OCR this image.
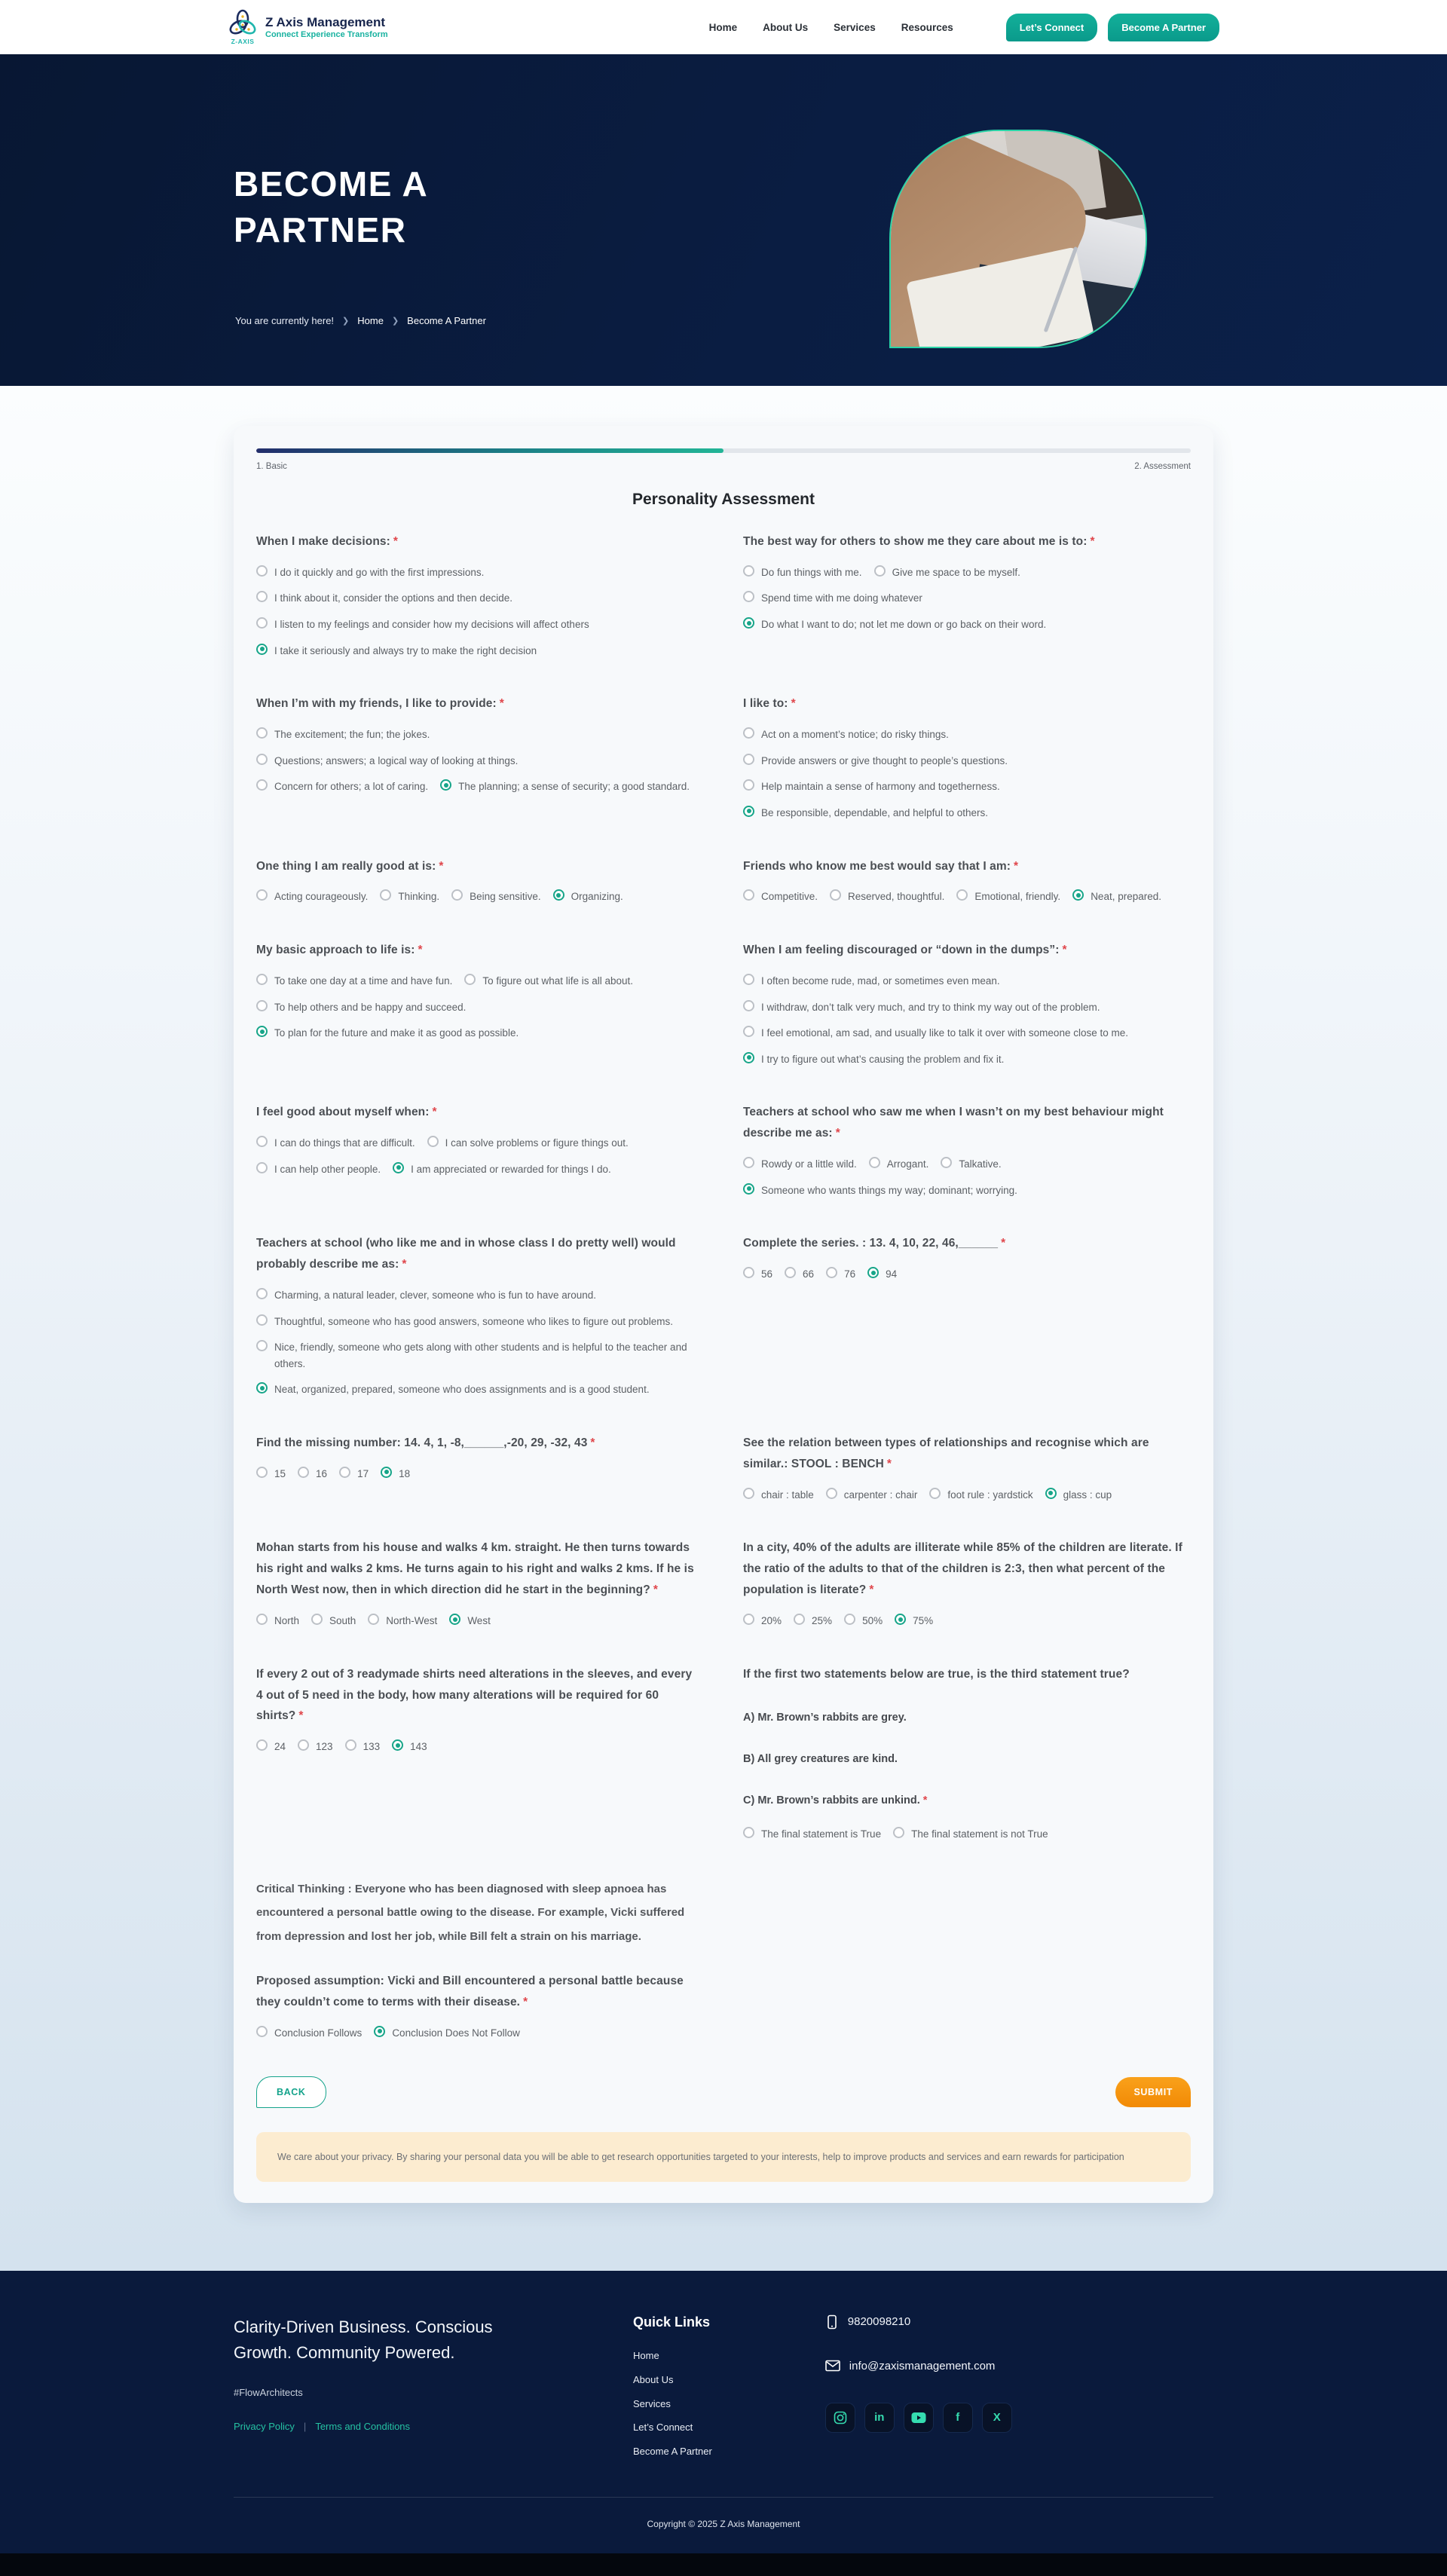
Z-AXIS
Z Axis Management
Connect Experience Transform
Home	About Us	Services	Resources	Let’s Connect	Become A Partner
BECOME A
PARTNER
You are currently here! ❯ Home ❯ Become A Partner
1. Basic	2. Assessment
Personality Assessment
When I make decisions: *
I do it quickly and go with the first impressions.
I think about it, consider the options and then decide.
I listen to my feelings and consider how my decisions will affect others
I take it seriously and always try to make the right decision
The best way for others to show me they care about me is to: *
Do fun things with me.	Give me space to be myself.
Spend time with me doing whatever
Do what I want to do; not let me down or go back on their word.
When I’m with my friends, I like to provide: *
The excitement; the fun; the jokes.
Questions; answers; a logical way of looking at things.
Concern for others; a lot of caring.	The planning; a sense of security; a good standard.
I like to: *
Act on a moment’s notice; do risky things.
Provide answers or give thought to people’s questions.
Help maintain a sense of harmony and togetherness.
Be responsible, dependable, and helpful to others.
One thing I am really good at is: *
Acting courageously.	Thinking.	Being sensitive.	Organizing.
Friends who know me best would say that I am: *
Competitive.	Reserved, thoughtful.	Emotional, friendly.	Neat, prepared.
My basic approach to life is: *
To take one day at a time and have fun.	To figure out what life is all about.
To help others and be happy and succeed.
To plan for the future and make it as good as possible.
When I am feeling discouraged or “down in the dumps”: *
I often become rude, mad, or sometimes even mean.
I withdraw, don’t talk very much, and try to think my way out of the problem.
I feel emotional, am sad, and usually like to talk it over with someone close to me.
I try to figure out what’s causing the problem and fix it.
I feel good about myself when: *
I can do things that are difficult.	I can solve problems or figure things out.
I can help other people.	I am appreciated or rewarded for things I do.
Teachers at school who saw me when I wasn’t on my best behaviour might describe me as: *
Rowdy or a little wild.	Arrogant.	Talkative.
Someone who wants things my way; dominant; worrying.
Teachers at school (who like me and in whose class I do pretty well) would probably describe me as: *
Charming, a natural leader, clever, someone who is fun to have around.
Thoughtful, someone who has good answers, someone who likes to figure out problems.
Nice, friendly, someone who gets along with other students and is helpful to the teacher and others.
Neat, organized, prepared, someone who does assignments and is a good student.
Complete the series. : 13. 4, 10, 22, 46,______ *
56	66	76	94
Find the missing number: 14. 4, 1, -8,______,-20, 29, -32, 43 *
15	16	17	18
See the relation between types of relationships and recognise which are similar.: STOOL : BENCH *
chair : table	carpenter : chair	foot rule : yardstick	glass : cup
Mohan starts from his house and walks 4 km. straight. He then turns towards his right and walks 2 kms. He turns again to his right and walks 2 kms. If he is North West now, then in which direction did he start in the beginning? *
North	South	North-West	West
In a city, 40% of the adults are illiterate while 85% of the children are literate. If the ratio of the adults to that of the children is 2:3, then what percent of the population is literate? *
20%	25%	50%	75%
If every 2 out of 3 readymade shirts need alterations in the sleeves, and every 4 out of 5 need in the body, how many alterations will be required for 60 shirts? *
24	123	133	143
If the first two statements below are true, is the third statement true?

A) Mr. Brown’s rabbits are grey.

B) All grey creatures are kind.

C) Mr. Brown’s rabbits are unkind. *

The final statement is True	The final statement is not True

Critical Thinking : Everyone who has been diagnosed with sleep apnoea has encountered a personal battle owing to the disease. For example, Vicki suffered from depression and lost her job, while Bill felt a strain on his marriage.

Proposed assumption: Vicki and Bill encountered a personal battle because they couldn’t come to terms with their disease. *
Conclusion Follows	Conclusion Does Not Follow
BACK	SUBMIT
We care about your privacy. By sharing your personal data you will be able to get research opportunities targeted to your interests, help to improve products and services and earn rewards for participation

Clarity-Driven Business. Conscious Growth. Community Powered.

#FlowArchitects
Privacy Policy | Terms and Conditions
Quick Links
Home
About Us
Services
Let’s Connect
Become A Partner
9820098210
info@zaxismanagement.com
in	f	X
Copyright © 2025 Z Axis Management
